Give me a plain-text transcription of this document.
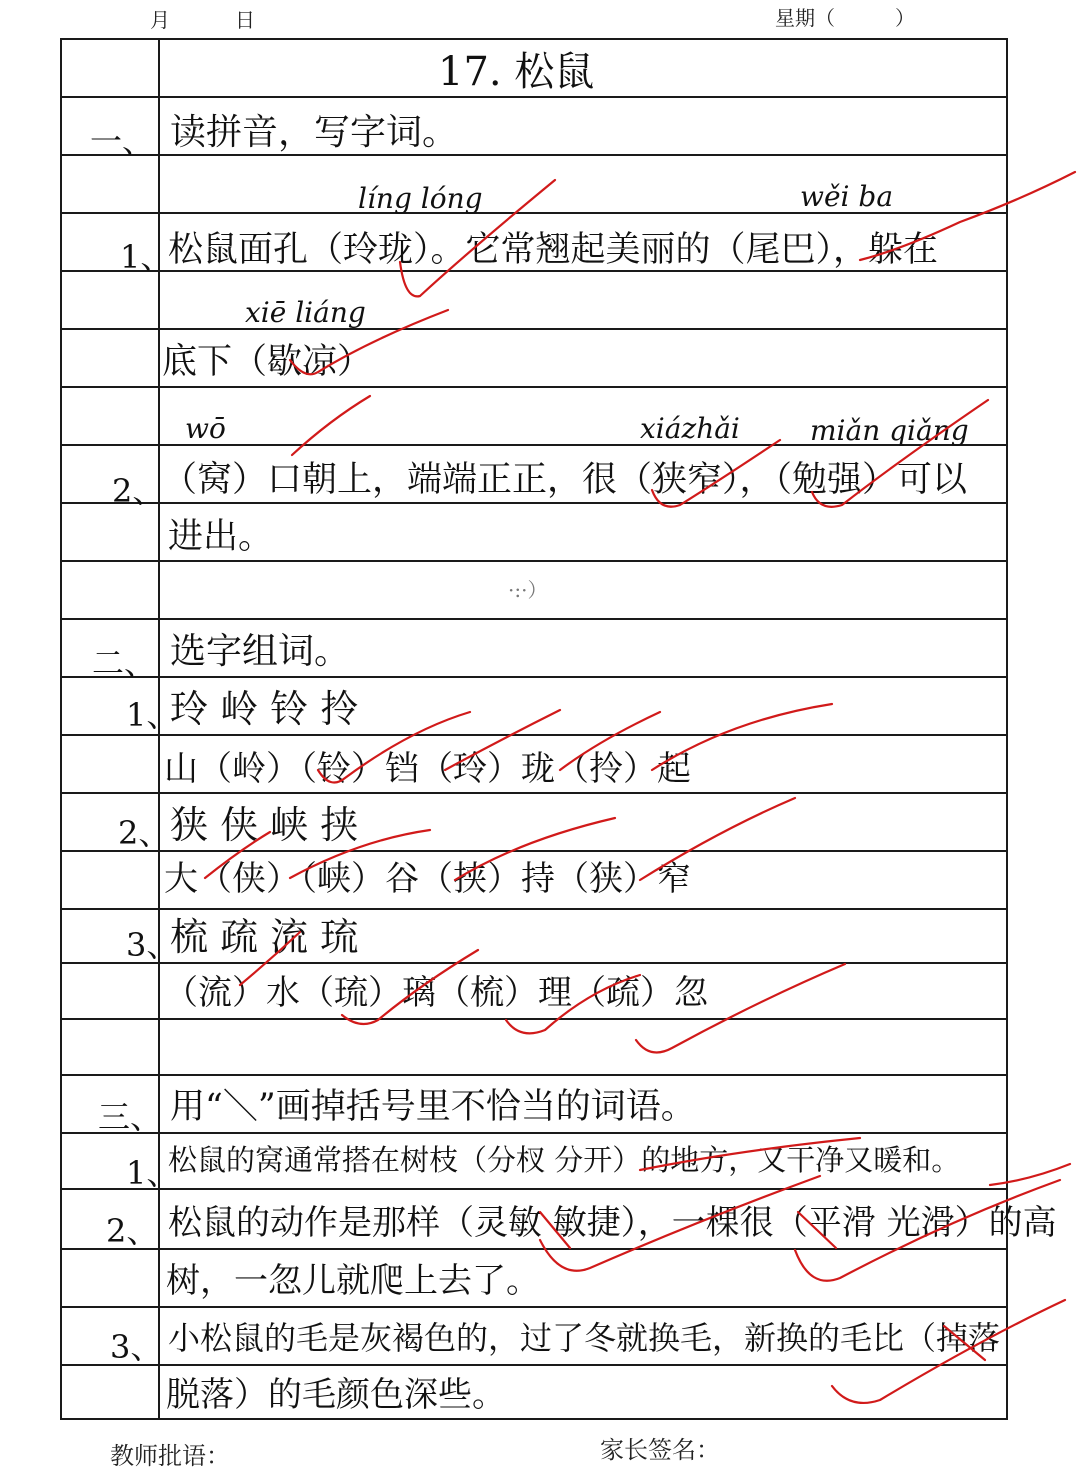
月	日	星期（　　　）
17. 松鼠
一、 读拼音，写字词。
líng lóng	wěi ba
1、
松鼠面孔（玲珑）。它常翘起美丽的（尾巴），躲在
xiē liáng
底下（歇凉）
wō	xiázhǎi	miǎn qiǎng
2、
（窝）口朝上，端端正正，很（狭窄），（勉强）可以
进出。
·:·）
二、 选字组词。
1、
玲 岭 铃 拎
山（岭）（铃）铛（玲）珑（拎）起
2、 狭 侠 峡 挟
大（侠）（峡）谷（挟）持（狭）窄
3、
梳 疏 流 琉
（流）水（琉）璃（梳）理（疏）忽
三、 用“＼”画掉括号里不恰当的词语。
1、
松鼠的窝通常搭在树枝（分杈 分开）的地方，又干净又暖和。
2、 松鼠的动作是那样（灵敏 敏捷），一棵很（平滑 光滑）的高
树，一忽儿就爬上去了。
3、 小松鼠的毛是灰褐色的，过了冬就换毛，新换的毛比（掉落
脱落）的毛颜色深些。
教师批语：	家长签名：
